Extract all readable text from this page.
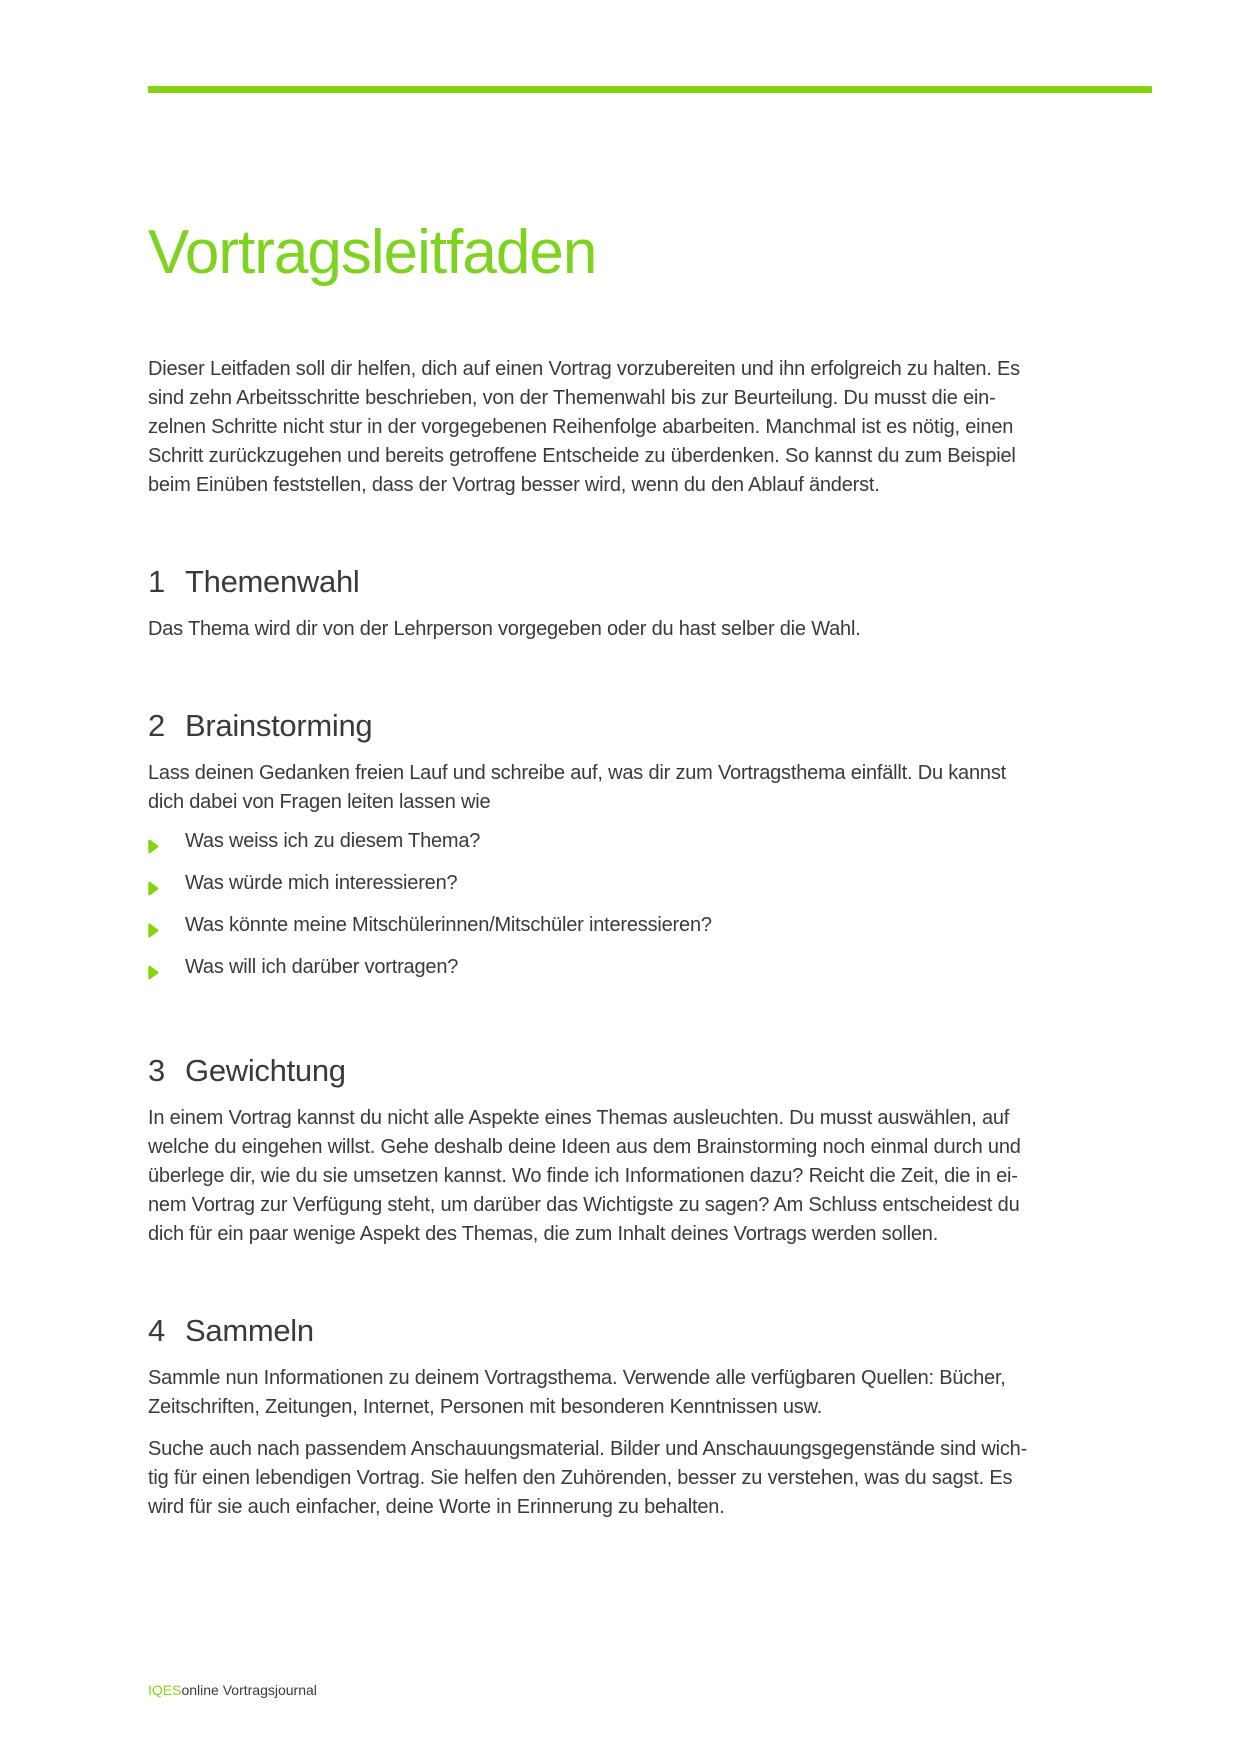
Vortragsleitfaden

Dieser Leitfaden soll dir helfen, dich auf einen Vortrag vorzubereiten und ihn erfolgreich zu halten. Es
sind zehn Arbeitsschritte beschrieben, von der Themenwahl bis zur Beurteilung. Du musst die ein-
zelnen Schritte nicht stur in der vorgegebenen Reihenfolge abarbeiten. Manchmal ist es nötig, einen
Schritt zurückzugehen und bereits getroffene Entscheide zu überdenken. So kannst du zum Beispiel
beim Einüben feststellen, dass der Vortrag besser wird, wenn du den Ablauf änderst.

1 Themenwahl

Das Thema wird dir von der Lehrperson vorgegeben oder du hast selber die Wahl.

2 Brainstorming

Lass deinen Gedanken freien Lauf und schreibe auf, was dir zum Vortragsthema einfällt. Du kannst
dich dabei von Fragen leiten lassen wie

Was weiss ich zu diesem Thema?
Was würde mich interessieren?
Was könnte meine Mitschülerinnen/Mitschüler interessieren?
Was will ich darüber vortragen?
3 Gewichtung

In einem Vortrag kannst du nicht alle Aspekte eines Themas ausleuchten. Du musst auswählen, auf
welche du eingehen willst. Gehe deshalb deine Ideen aus dem Brainstorming noch einmal durch und
überlege dir, wie du sie umsetzen kannst. Wo finde ich Informationen dazu? Reicht die Zeit, die in ei-
nem Vortrag zur Verfügung steht, um darüber das Wichtigste zu sagen? Am Schluss entscheidest du
dich für ein paar wenige Aspekt des Themas, die zum Inhalt deines Vortrags werden sollen.

4 Sammeln

Sammle nun Informationen zu deinem Vortragsthema. Verwende alle verfügbaren Quellen: Bücher,
Zeitschriften, Zeitungen, Internet, Personen mit besonderen Kenntnissen usw.

Suche auch nach passendem Anschauungsmaterial. Bilder und Anschauungsgegenstände sind wich-
tig für einen lebendigen Vortrag. Sie helfen den Zuhörenden, besser zu verstehen, was du sagst. Es
wird für sie auch einfacher, deine Worte in Erinnerung zu behalten.

IQESonline Vortragsjournal
